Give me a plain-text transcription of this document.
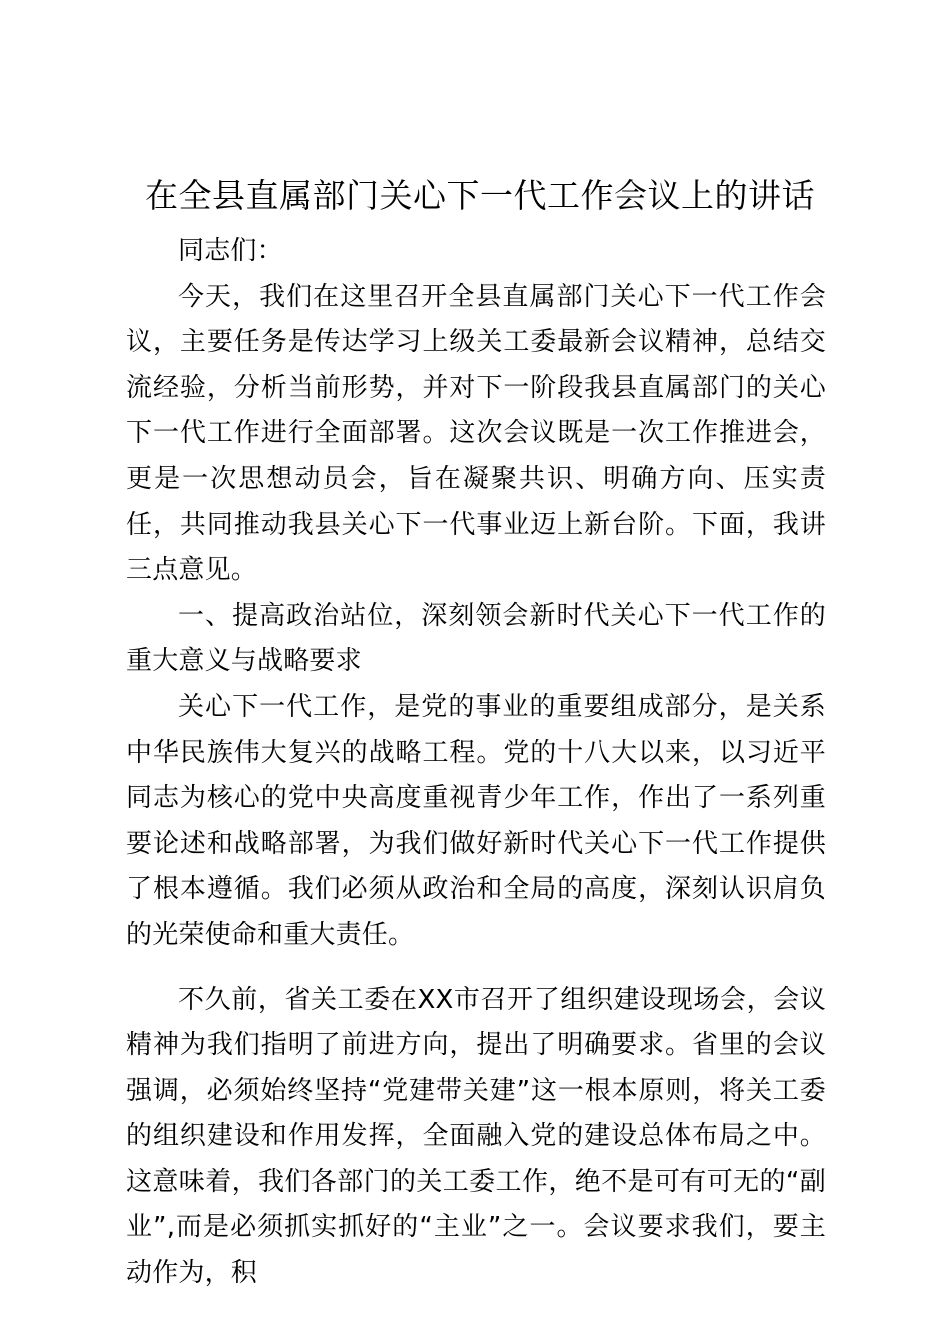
在全县直属部门关心下一代工作会议上的讲话

同志们：

今天，我们在这里召开全县直属部门关心下一代工作会议，主要任务是传达学习上级关工委最新会议精神，总结交流经验，分析当前形势，并对下一阶段我县直属部门的关心下一代工作进行全面部署。这次会议既是一次工作推进会，更是一次思想动员会，旨在凝聚共识、明确方向、压实责任，共同推动我县关心下一代事业迈上新台阶。下面，我讲三点意见。

一、提高政治站位，深刻领会新时代关心下一代工作的重大意义与战略要求

关心下一代工作，是党的事业的重要组成部分，是关系中华民族伟大复兴的战略工程。党的十八大以来，以习近平同志为核心的党中央高度重视青少年工作，作出了一系列重要论述和战略部署，为我们做好新时代关心下一代工作提供了根本遵循。我们必须从政治和全局的高度，深刻认识肩负的光荣使命和重大责任。

不久前，省关工委在XX市召开了组织建设现场会，会议精神为我们指明了前进方向，提出了明确要求。省里的会议强调，必须始终坚持“党建带关建”这一根本原则，将关工委的组织建设和作用发挥，全面融入党的建设总体布局之中。这意味着，我们各部门的关工委工作，绝不是可有可无的“副业”,而是必须抓实抓好的“主业”之一。会议要求我们，要主动作为，积
